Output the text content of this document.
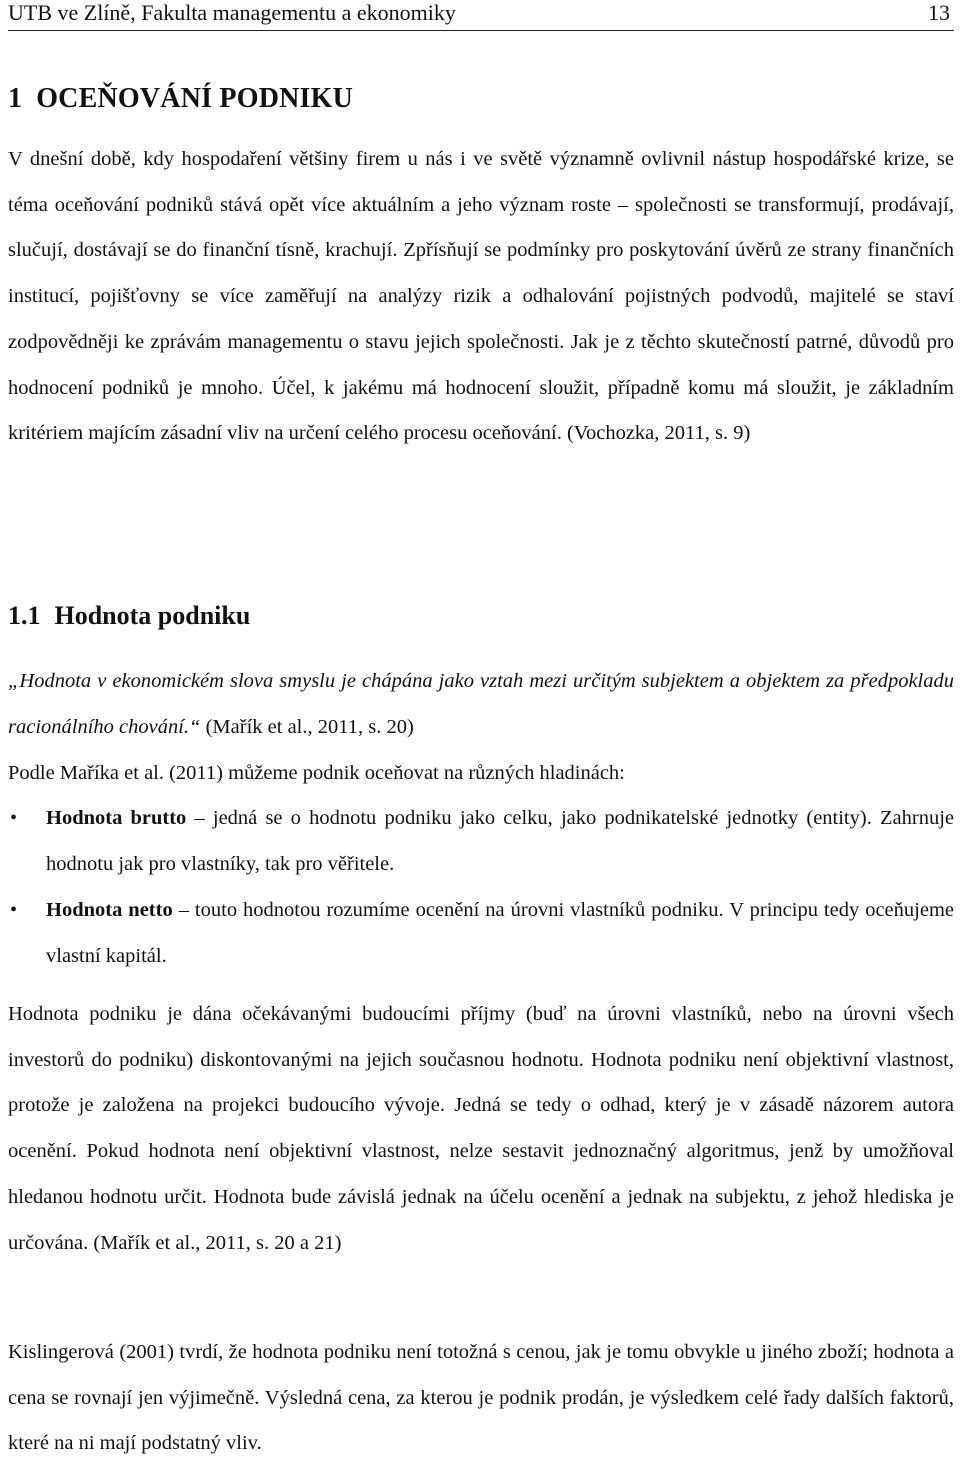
UTB ve Zlíně, Fakulta managementu a ekonomiky	13
1 OCEŇOVÁNÍ PODNIKU
V dnešní době, kdy hospodaření většiny firem u nás i ve světě významně ovlivnil nástup hospodářské krize, se téma oceňování podniků stává opět více aktuálním a jeho význam roste – společnosti se transformují, prodávají, slučují, dostávají se do finanční tísně, krachují. Zpřísňují se podmínky pro poskytování úvěrů ze strany finančních institucí, pojišťovny se více zaměřují na analýzy rizik a odhalování pojistných podvodů, majitelé se staví zodpovědněji ke zprávám managementu o stavu jejich společnosti. Jak je z těchto skutečností patrné, důvodů pro hodnocení podniků je mnoho. Účel, k jakému má hodnocení sloužit, případně komu má sloužit, je základním kritériem majícím zásadní vliv na určení celého procesu oceňování. (Vochozka, 2011, s. 9)
1.1 Hodnota podniku
„Hodnota v ekonomickém slova smyslu je chápána jako vztah mezi určitým subjektem a objektem za předpokladu racionálního chování.“ (Mařík et al., 2011, s. 20)
Podle Maříka et al. (2011) můžeme podnik oceňovat na různých hladinách:
• Hodnota brutto – jedná se o hodnotu podniku jako celku, jako podnikatelské jednotky (entity). Zahrnuje hodnotu jak pro vlastníky, tak pro věřitele.
• Hodnota netto – touto hodnotou rozumíme ocenění na úrovni vlastníků podniku. V principu tedy oceňujeme vlastní kapitál.
Hodnota podniku je dána očekávanými budoucími příjmy (buď na úrovni vlastníků, nebo na úrovni všech investorů do podniku) diskontovanými na jejich současnou hodnotu. Hodnota podniku není objektivní vlastnost, protože je založena na projekci budoucího vývoje. Jedná se tedy o odhad, který je v zásadě názorem autora ocenění. Pokud hodnota není objektivní vlastnost, nelze sestavit jednoznačný algoritmus, jenž by umožňoval hledanou hodnotu určit. Hodnota bude závislá jednak na účelu ocenění a jednak na subjektu, z jehož hlediska je určována. (Mařík et al., 2011, s. 20 a 21)
Kislingerová (2001) tvrdí, že hodnota podniku není totožná s cenou, jak je tomu obvykle u jiného zboží; hodnota a cena se rovnají jen výjimečně. Výsledná cena, za kterou je podnik prodán, je výsledkem celé řady dalších faktorů, které na ni mají podstatný vliv.
